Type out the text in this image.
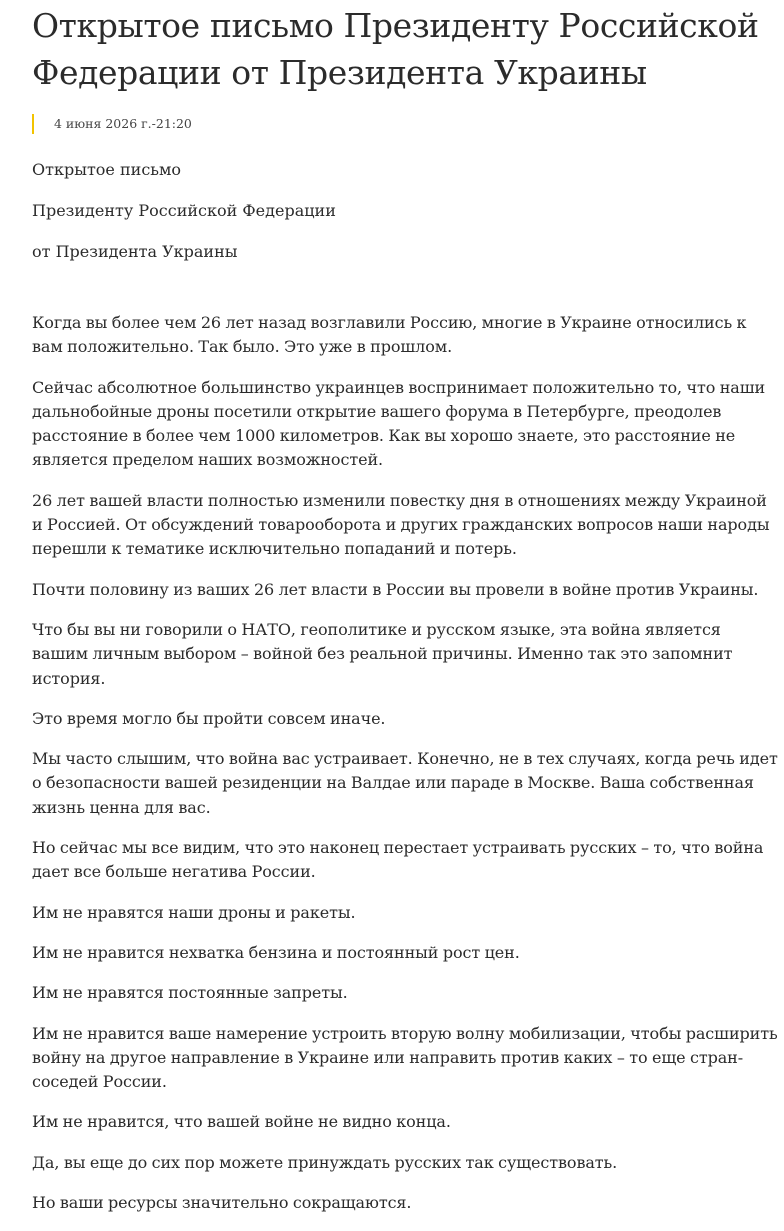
Открытое письмо Президенту Российской Федерации от Президента Украины
4 июня 2026 г.-21:20

Открытое письмо

Президенту Российской Федерации

от Президента Украины

Когда вы более чем 26 лет назад возглавили Россию, многие в Украине относились к вам положительно. Так было. Это уже в прошлом.

Сейчас абсолютное большинство украинцев воспринимает положительно то, что наши дальнобойные дроны посетили открытие вашего форума в Петербурге, преодолев расстояние в более чем 1000 километров. Как вы хорошо знаете, это расстояние не является пределом наших возможностей.

26 лет вашей власти полностью изменили повестку дня в отношениях между Украиной и Россией. От обсуждений товарооборота и других гражданских вопросов наши народы перешли к тематике исключительно попаданий и потерь.

Почти половину из ваших 26 лет власти в России вы провели в войне против Украины.

Что бы вы ни говорили о НАТО, геополитике и русском языке, эта война является вашим личным выбором – войной без реальной причины. Именно так это запомнит история.

Это время могло бы пройти совсем иначе.

Мы часто слышим, что война вас устраивает. Конечно, не в тех случаях, когда речь идет о безопасности вашей резиденции на Валдае или параде в Москве. Ваша собственная жизнь ценна для вас.

Но сейчас мы все видим, что это наконец перестает устраивать русских – то, что война дает все больше негатива России.

Им не нравятся наши дроны и ракеты.

Им не нравится нехватка бензина и постоянный рост цен.

Им не нравятся постоянные запреты.

Им не нравится ваше намерение устроить вторую волну мобилизации, чтобы расширить войну на другое направление в Украине или направить против каких – то еще стран-соседей России.

Им не нравится, что вашей войне не видно конца.

Да, вы еще до сих пор можете принуждать русских так существовать.

Но ваши ресурсы значительно сокращаются.
